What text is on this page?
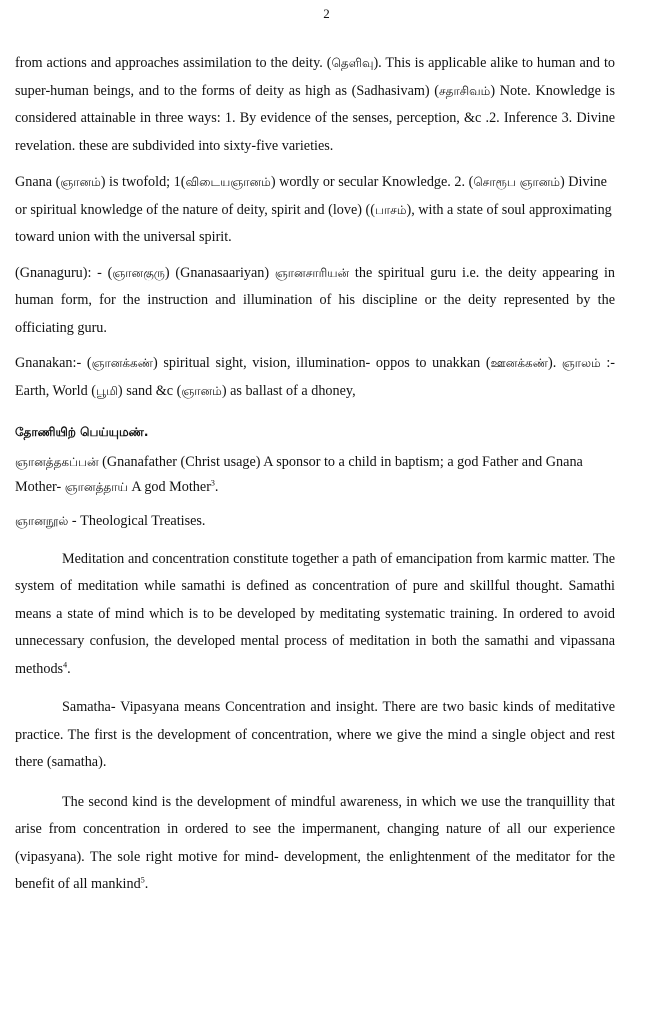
2

from actions and approaches assimilation to the deity. (தெளிவு). This is applicable alike to human and to super-human beings, and to the forms of deity as high as (Sadhasivam) (சதாசிவம்) Note. Knowledge is considered attainable in three ways: 1. By evidence of the senses, perception, &c .2. Inference 3. Divine revelation. these are subdivided into sixty-five varieties.

Gnana (ஞானம்) is twofold; 1(விடையஞானம்) wordly or secular Knowledge. 2. (சொரூப ஞானம்) Divine or spiritual knowledge of the nature of deity, spirit and (love) ((பாசம்), with a state of soul approximating toward union with the universal spirit.

(Gnanaguru): - (ஞானகுரு) (Gnanasaariyan) ஞானசாரியன் the spiritual guru i.e. the deity appearing in human form, for the instruction and illumination of his discipline or the deity represented by the officiating guru.

Gnanakan:- (ஞானக்கண்) spiritual sight, vision, illumination- oppos to unakkan (ஊனக்கண்). ஞாலம் :- Earth, World (பூமி) sand &c (ஞானம்) as ballast of a dhoney,

தோணியிற் பெய்யுமண்.

ஞானத்தகப்பன் (Gnanafather (Christ usage) A sponsor to a child in baptism; a god Father and Gnana Mother- ஞானத்தாய் A god Mother$^3$.

ஞானநூல் - Theological Treatises.

Meditation and concentration constitute together a path of emancipation from karmic matter. The system of meditation while samathi is defined as concentration of pure and skillful thought. Samathi means a state of mind which is to be developed by meditating systematic training. In ordered to avoid unnecessary confusion, the developed mental process of meditation in both the samathi and vipassana methods$^4$.

Samatha- Vipasyana means Concentration and insight. There are two basic kinds of meditative practice. The first is the development of concentration, where we give the mind a single object and rest there (samatha).

The second kind is the development of mindful awareness, in which we use the tranquillity that arise from concentration in ordered to see the impermanent, changing nature of all our experience (vipasyana). The sole right motive for mind- development, the enlightenment of the meditator for the benefit of all mankind$^5$.
